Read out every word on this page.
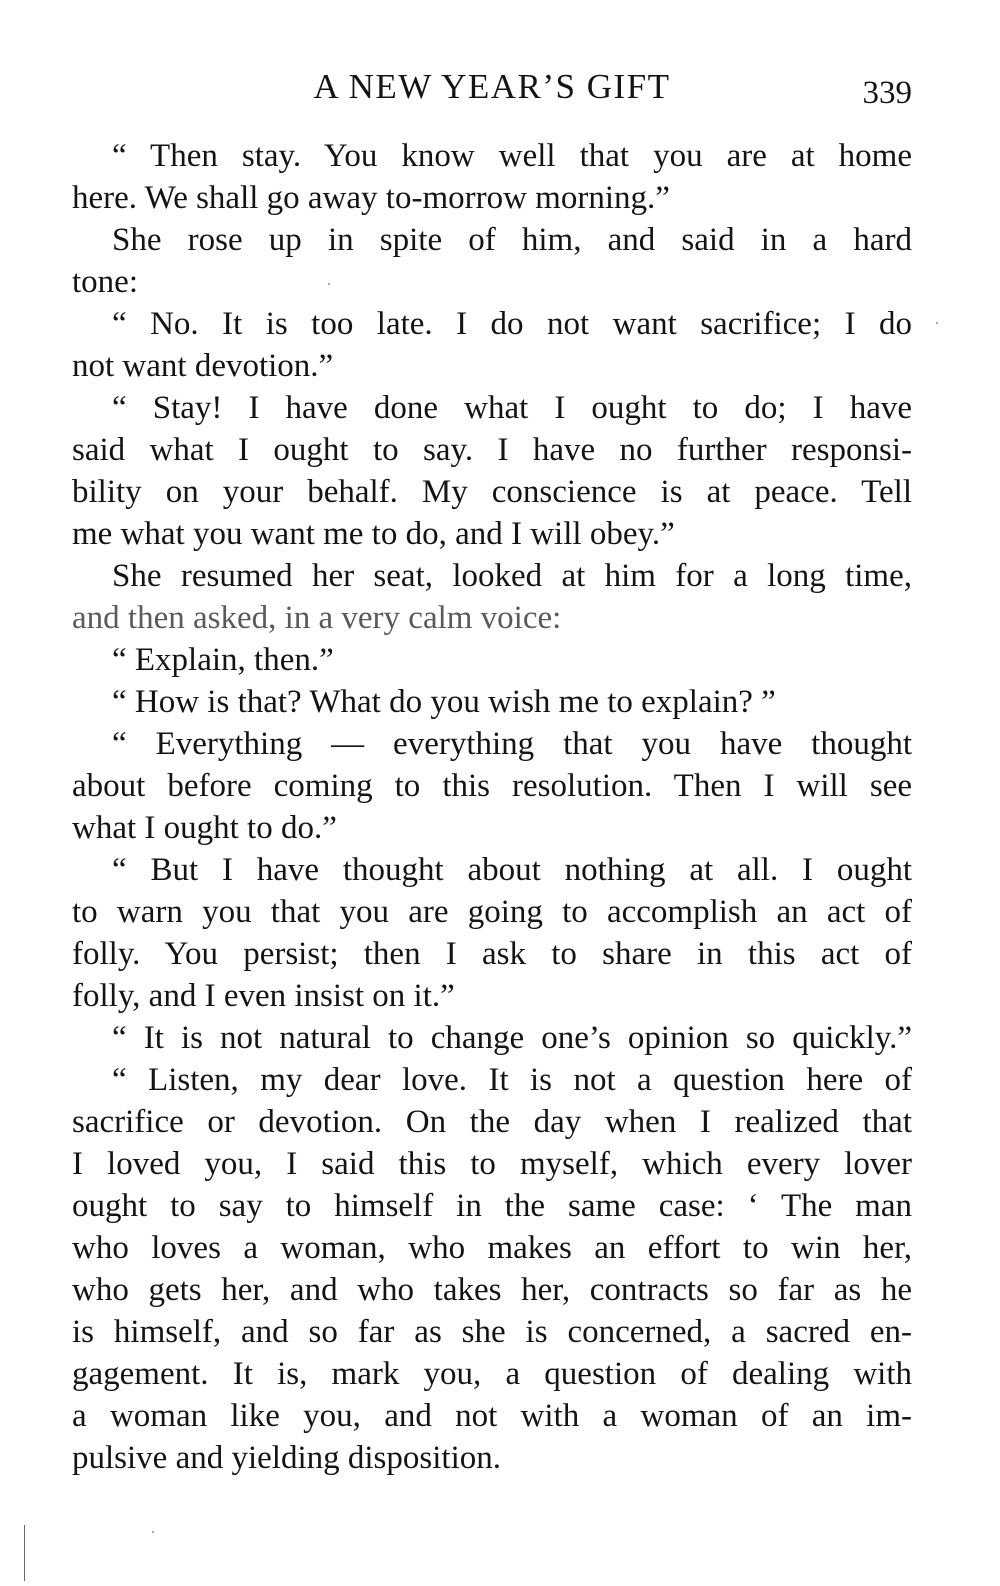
A NEW YEAR’S GIFT	339
“ Then stay. You know well that you are at home
here. We shall go away to-morrow morning.”
She rose up in spite of him, and said in a hard
tone:
“ No. It is too late. I do not want sacrifice; I do
not want devotion.”
“ Stay! I have done what I ought to do; I have
said what I ought to say. I have no further responsi-
bility on your behalf. My conscience is at peace. Tell
me what you want me to do, and I will obey.”
She resumed her seat, looked at him for a long time,
and then asked, in a very calm voice:
“ Explain, then.”
“ How is that? What do you wish me to explain? ”
“ Everything — everything that you have thought
about before coming to this resolution. Then I will see
what I ought to do.”
“ But I have thought about nothing at all. I ought
to warn you that you are going to accomplish an act of
folly. You persist; then I ask to share in this act of
folly, and I even insist on it.”
“ It is not natural to change one’s opinion so quickly.”
“ Listen, my dear love. It is not a question here of
sacrifice or devotion. On the day when I realized that
I loved you, I said this to myself, which every lover
ought to say to himself in the same case: ‘ The man
who loves a woman, who makes an effort to win her,
who gets her, and who takes her, contracts so far as he
is himself, and so far as she is concerned, a sacred en-
gagement. It is, mark you, a question of dealing with
a woman like you, and not with a woman of an im-
pulsive and yielding disposition.
